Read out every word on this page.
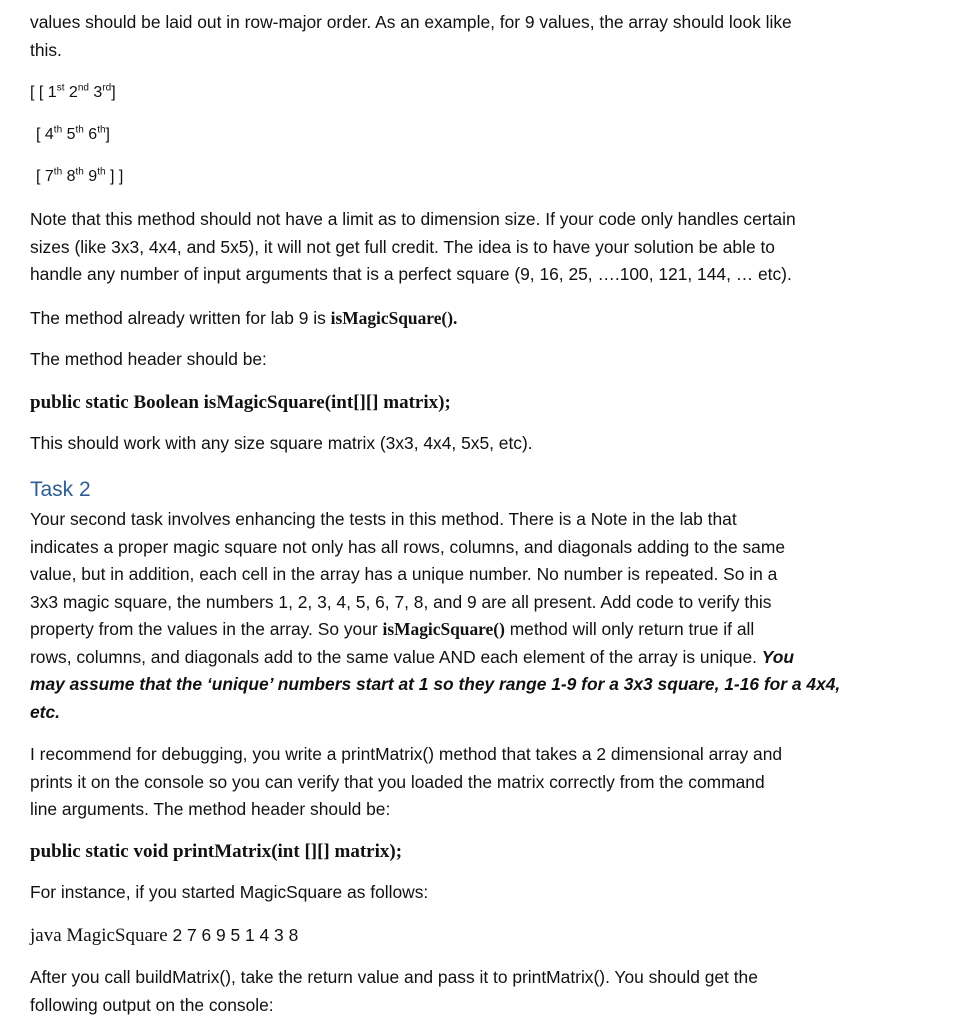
values should be laid out in row-major order. As an example, for 9 values, the array should look like

this.

[ [ 1st 2nd 3rd]

[ 4th 5th 6th]

[ 7th 8th 9th ] ]

Note that this method should not have a limit as to dimension size. If your code only handles certain

sizes (like 3x3, 4x4, and 5x5), it will not get full credit. The idea is to have your solution be able to

handle any number of input arguments that is a perfect square (9, 16, 25, ….100, 121, 144, … etc).

The method already written for lab 9 is isMagicSquare().

The method header should be:

public static Boolean isMagicSquare(int[][] matrix);

This should work with any size square matrix (3x3, 4x4, 5x5, etc).

Task 2

Your second task involves enhancing the tests in this method. There is a Note in the lab that

indicates a proper magic square not only has all rows, columns, and diagonals adding to the same

value, but in addition, each cell in the array has a unique number. No number is repeated. So in a

3x3 magic square, the numbers 1, 2, 3, 4, 5, 6, 7, 8, and 9 are all present. Add code to verify this

property from the values in the array. So your isMagicSquare() method will only return true if all

rows, columns, and diagonals add to the same value AND each element of the array is unique. You

may assume that the ‘unique’ numbers start at 1 so they range 1-9 for a 3x3 square, 1-16 for a 4x4,

etc.

I recommend for debugging, you write a printMatrix() method that takes a 2 dimensional array and

prints it on the console so you can verify that you loaded the matrix correctly from the command

line arguments. The method header should be:

public static void printMatrix(int [][] matrix);

For instance, if you started MagicSquare as follows:

java MagicSquare 2 7 6 9 5 1 4 3 8

After you call buildMatrix(), take the return value and pass it to printMatrix(). You should get the

following output on the console:
